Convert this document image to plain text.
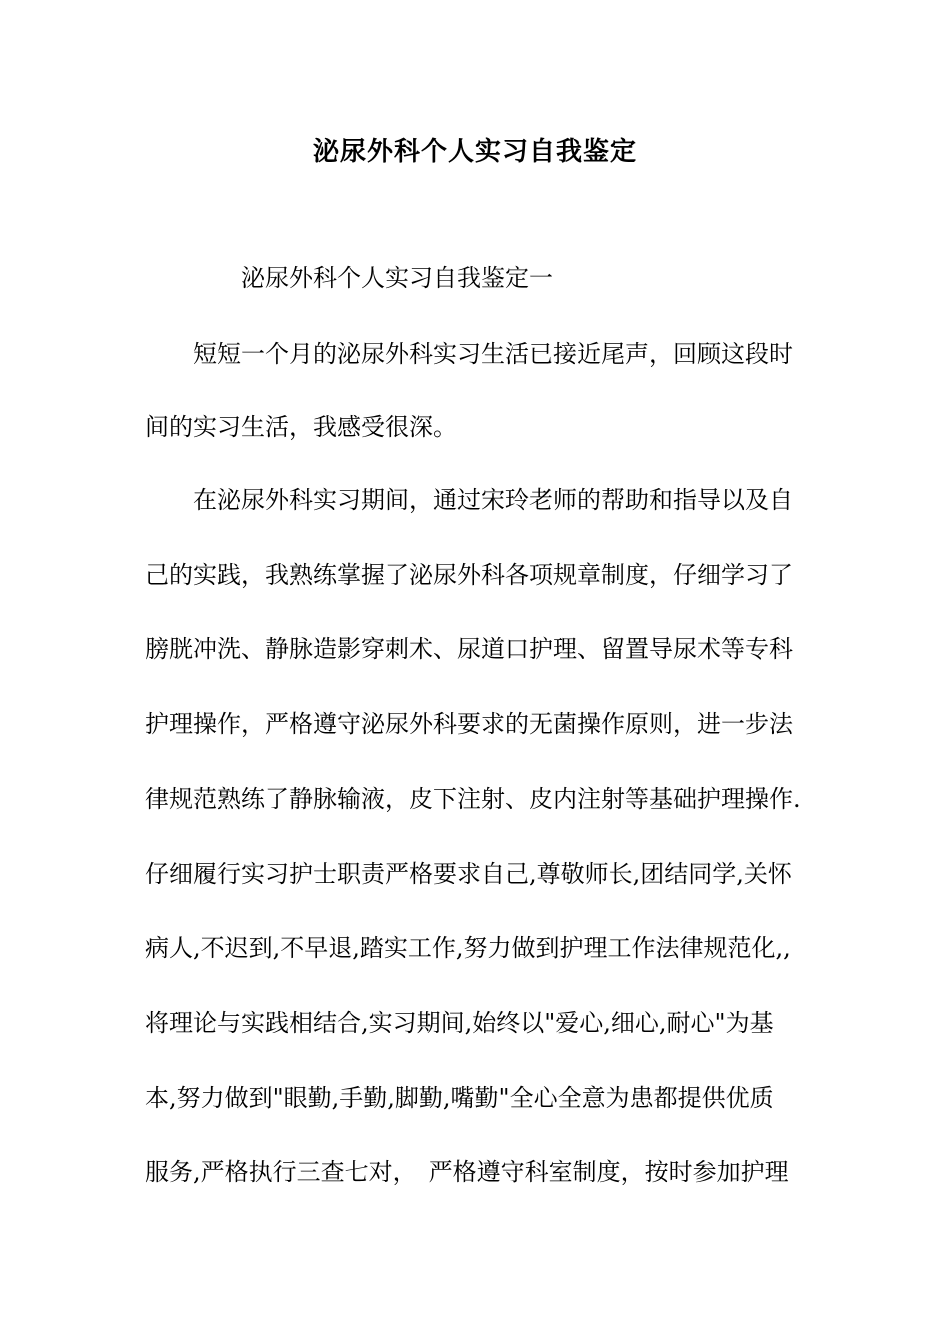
泌尿外科个人实习自我鉴定
泌尿外科个人实习自我鉴定一
短短一个月的泌尿外科实习生活已接近尾声，回顾这段时
间的实习生活，我感受很深。
在泌尿外科实习期间，通过宋玲老师的帮助和指导以及自
己的实践，我熟练掌握了泌尿外科各项规章制度，仔细学习了
膀胱冲洗、静脉造影穿刺术、尿道口护理、留置导尿术等专科
护理操作，严格遵守泌尿外科要求的无菌操作原则，进一步法
律规范熟练了静脉输液，皮下注射、皮内注射等基础护理操作.
仔细履行实习护士职责严格要求自己,尊敬师长,团结同学,关怀
病人,不迟到,不早退,踏实工作,努力做到护理工作法律规范化,,
将理论与实践相结合,实习期间,始终以"爱心,细心,耐心"为基
本,努力做到"眼勤,手勤,脚勤,嘴勤"全心全意为患都提供优质
服务,严格执行三查七对，　严格遵守科室制度，按时参加护理
